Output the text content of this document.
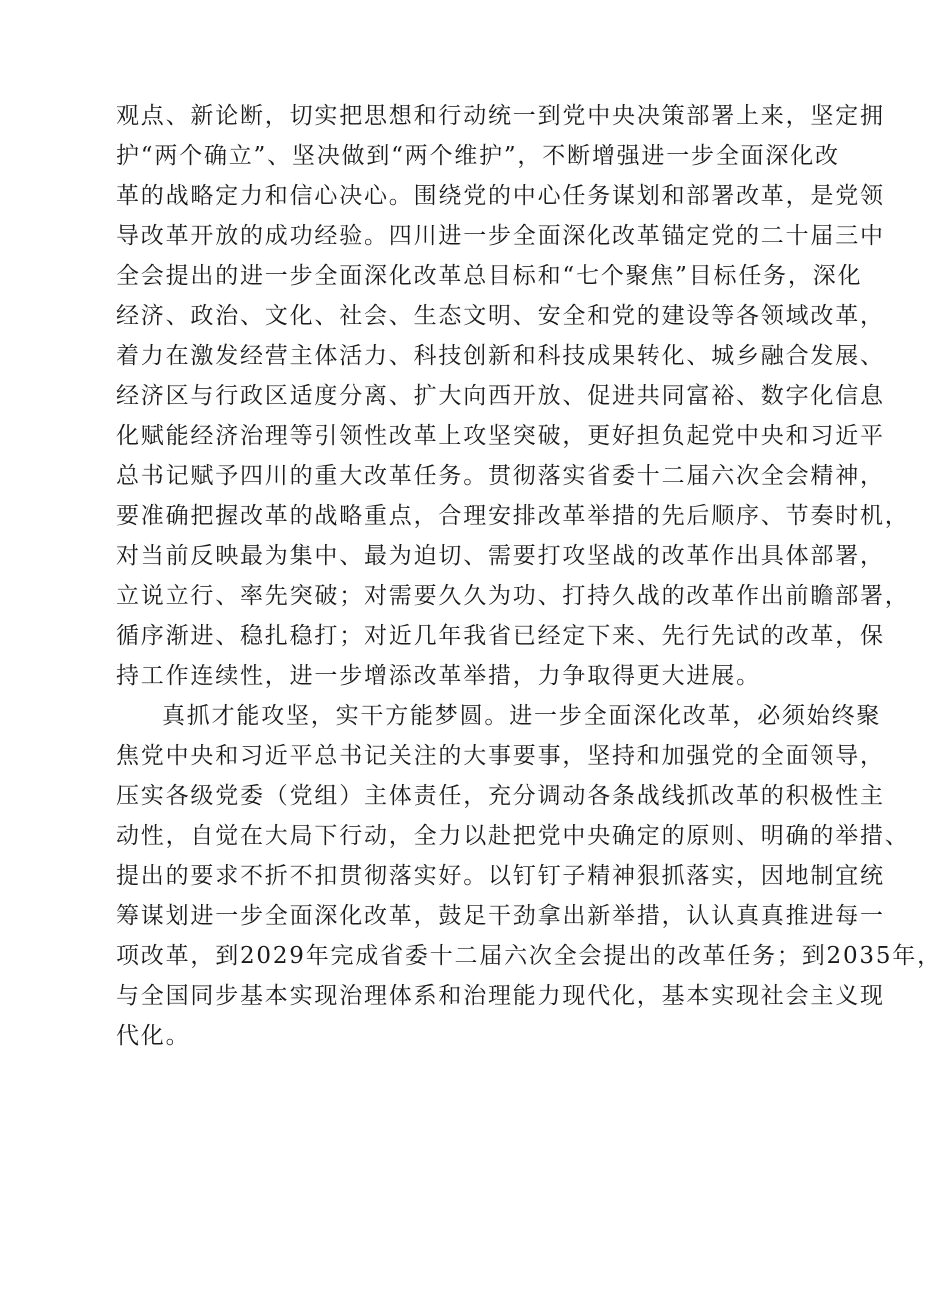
观点、新论断，切实把思想和行动统一到党中央决策部署上来，坚定拥
护“两个确立”、坚决做到“两个维护”，不断增强进一步全面深化改
革的战略定力和信心决心。围绕党的中心任务谋划和部署改革，是党领
导改革开放的成功经验。四川进一步全面深化改革锚定党的二十届三中
全会提出的进一步全面深化改革总目标和“七个聚焦”目标任务，深化
经济、政治、文化、社会、生态文明、安全和党的建设等各领域改革，
着力在激发经营主体活力、科技创新和科技成果转化、城乡融合发展、
经济区与行政区适度分离、扩大向西开放、促进共同富裕、数字化信息
化赋能经济治理等引领性改革上攻坚突破，更好担负起党中央和习近平
总书记赋予四川的重大改革任务。贯彻落实省委十二届六次全会精神，
要准确把握改革的战略重点，合理安排改革举措的先后顺序、节奏时机，
对当前反映最为集中、最为迫切、需要打攻坚战的改革作出具体部署，
立说立行、率先突破；对需要久久为功、打持久战的改革作出前瞻部署，
循序渐进、稳扎稳打；对近几年我省已经定下来、先行先试的改革，保
持工作连续性，进一步增添改革举措，力争取得更大进展。
真抓才能攻坚，实干方能梦圆。进一步全面深化改革，必须始终聚
焦党中央和习近平总书记关注的大事要事，坚持和加强党的全面领导，
压实各级党委（党组）主体责任，充分调动各条战线抓改革的积极性主
动性，自觉在大局下行动，全力以赴把党中央确定的原则、明确的举措、
提出的要求不折不扣贯彻落实好。以钉钉子精神狠抓落实，因地制宜统
筹谋划进一步全面深化改革，鼓足干劲拿出新举措，认认真真推进每一
项改革，到2029年完成省委十二届六次全会提出的改革任务；到2035年，
与全国同步基本实现治理体系和治理能力现代化，基本实现社会主义现
代化。
